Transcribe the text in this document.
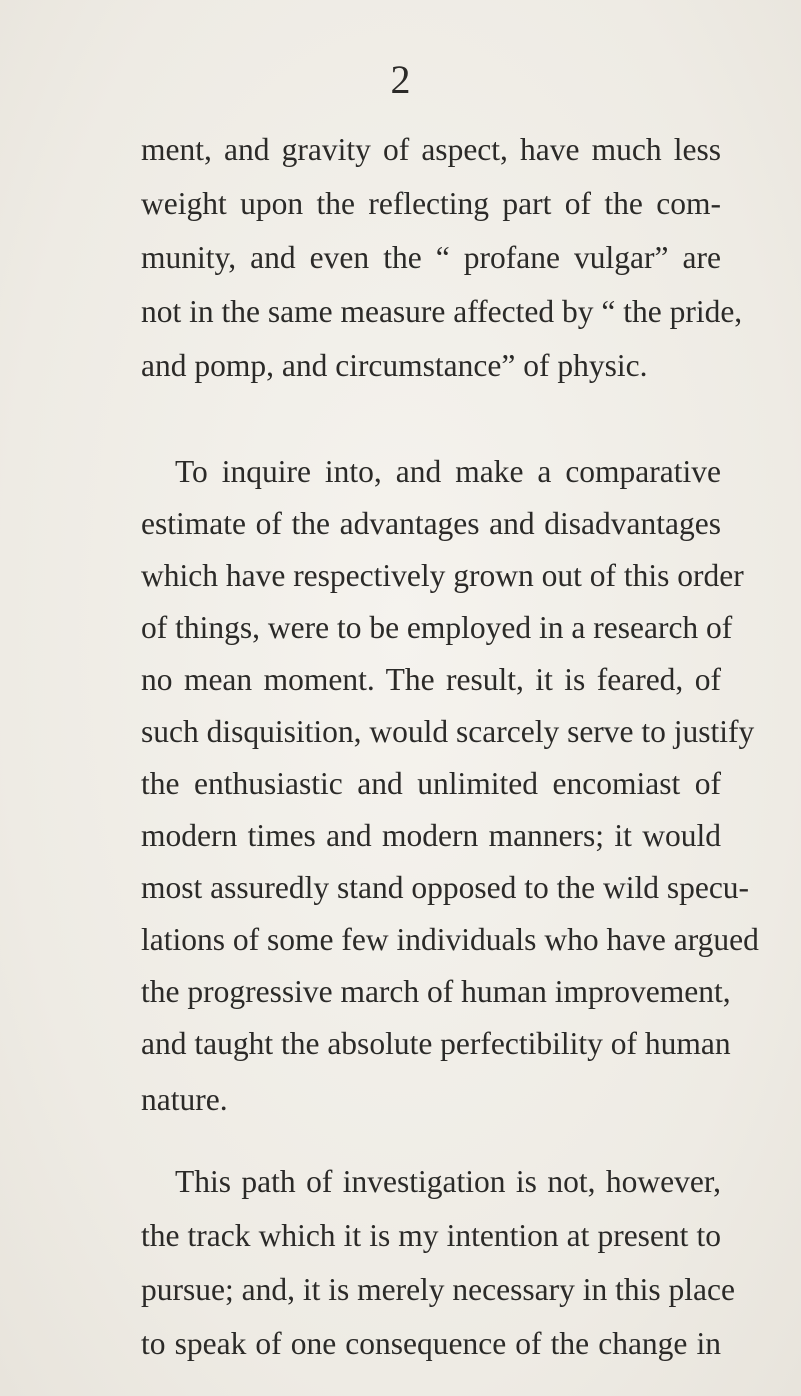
2
ment, and gravity of aspect, have much less
weight upon the reflecting part of the com-
munity, and even the “ profane vulgar” are
not in the same measure affected by “ the pride,
and pomp, and circumstance” of physic.
To inquire into, and make a comparative
estimate of the advantages and disadvantages
which have respectively grown out of this order
of things, were to be employed in a research of
no mean moment. The result, it is feared, of
such disquisition, would scarcely serve to justify
the enthusiastic and unlimited encomiast of
modern times and modern manners; it would
most assuredly stand opposed to the wild specu-
lations of some few individuals who have argued
the progressive march of human improvement,
and taught the absolute perfectibility of human
nature.
This path of investigation is not, however,
the track which it is my intention at present to
pursue; and, it is merely necessary in this place
to speak of one consequence of the change in
